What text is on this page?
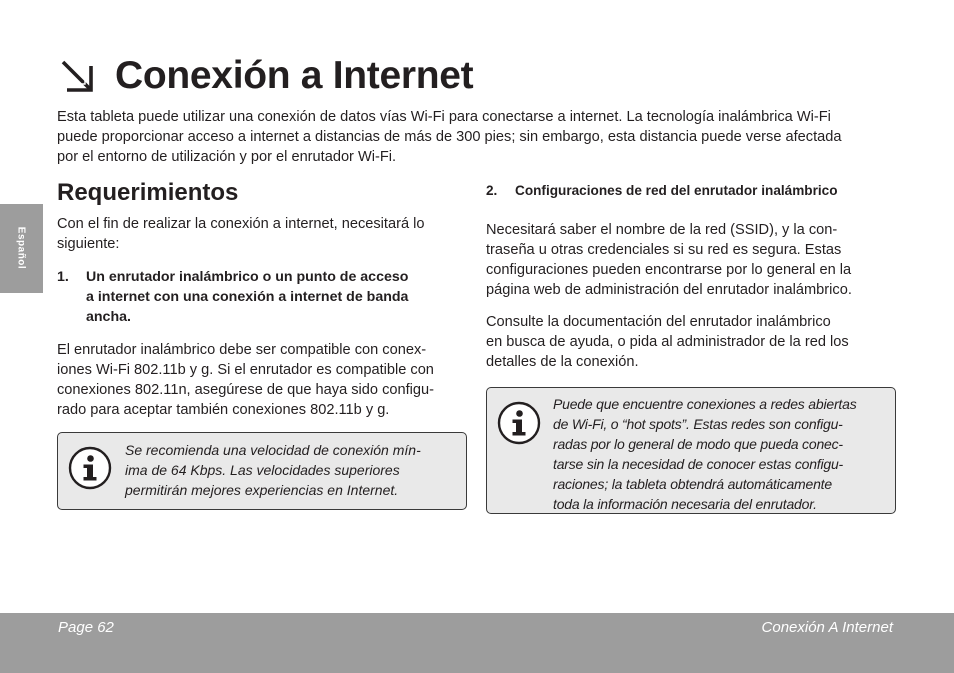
Español
Conexión a Internet

Esta tableta puede utilizar una conexión de datos vías Wi-Fi para conectarse a internet. La tecnología inalámbrica Wi-Fi
puede proporcionar acceso a internet a distancias de más de 300 pies; sin embargo, esta distancia puede verse afectada
por el entorno de utilización y por el enrutador Wi-Fi.

Requerimientos

Con el fin de realizar la conexión a internet, necesitará lo
siguiente:

1.	Un enrutador inalámbrico o un punto de acceso
a internet con una conexión a internet de banda
ancha.

El enrutador inalámbrico debe ser compatible con conex-
iones Wi-Fi 802.11b y g. Si el enrutador es compatible con
conexiones 802.11n, asegúrese de que haya sido configu-
rado para aceptar también conexiones 802.11b y g.

Se recomienda una velocidad de conexión mín-
ima de 64 Kbps. Las velocidades superiores
permitirán mejores experiencias en Internet.
2.	Configuraciones de red del enrutador inalámbrico

Necesitará saber el nombre de la red (SSID), y la con-
traseña u otras credenciales si su red es segura. Estas
configuraciones pueden encontrarse por lo general en la
página web de administración del enrutador inalámbrico.

Consulte la documentación del enrutador inalámbrico
en busca de ayuda, o pida al administrador de la red los
detalles de la conexión.

Puede que encuentre conexiones a redes abiertas
de Wi-Fi, o “hot spots”. Estas redes son configu-
radas por lo general de modo que pueda conec-
tarse sin la necesidad de conocer estas configu-
raciones; la tableta obtendrá automáticamente
toda la información necesaria del enrutador.
Page 62	Conexión A Internet
